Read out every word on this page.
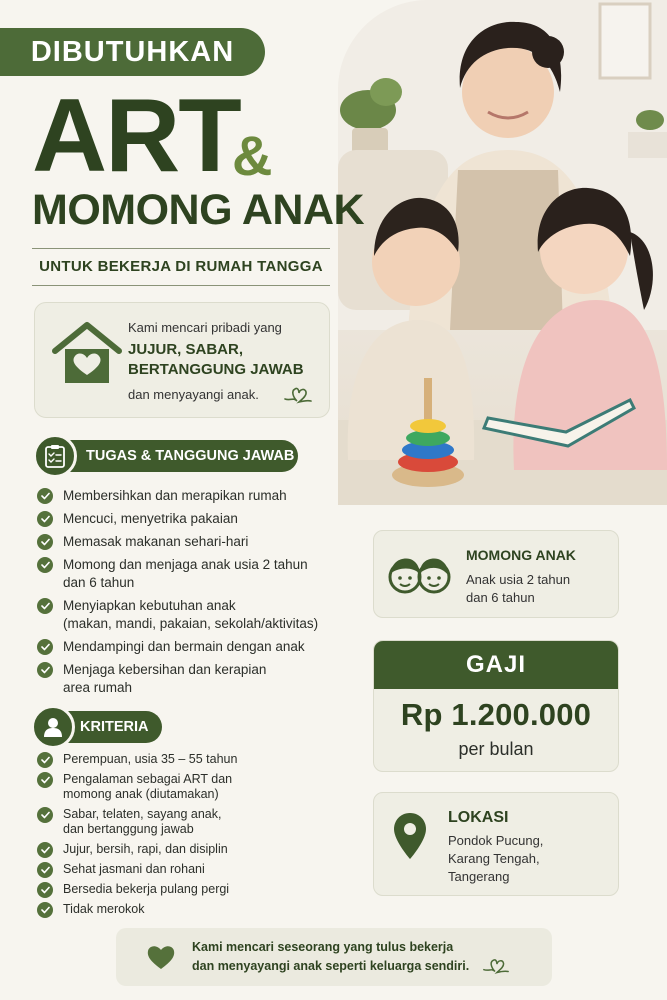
DIBUTUHKAN
ART
&
MOMONG ANAK
UNTUK BEKERJA DI RUMAH TANGGA
Kami mencari pribadi yang
JUJUR, SABAR,
BERTANGGUNG JAWAB
dan menyayangi anak.
TUGAS & TANGGUNG JAWAB
Membersihkan dan merapikan rumah
Mencuci, menyetrika pakaian
Memasak makanan sehari-hari
Momong dan menjaga anak usia 2 tahun
dan 6 tahun
Menyiapkan kebutuhan anak
(makan, mandi, pakaian, sekolah/aktivitas)
Mendampingi dan bermain dengan anak
Menjaga kebersihan dan kerapian
area rumah
KRITERIA
Perempuan, usia 35 – 55 tahun
Pengalaman sebagai ART dan
momong anak (diutamakan)
Sabar, telaten, sayang anak,
dan bertanggung jawab
Jujur, bersih, rapi, dan disiplin
Sehat jasmani dan rohani
Bersedia bekerja pulang pergi
Tidak merokok
MOMONG ANAK
Anak usia 2 tahun
dan 6 tahun
GAJI
Rp 1.200.000
per bulan
LOKASI
Pondok Pucung,
Karang Tengah,
Tangerang
Kami mencari seseorang yang tulus bekerja
dan menyayangi anak seperti keluarga sendiri.
